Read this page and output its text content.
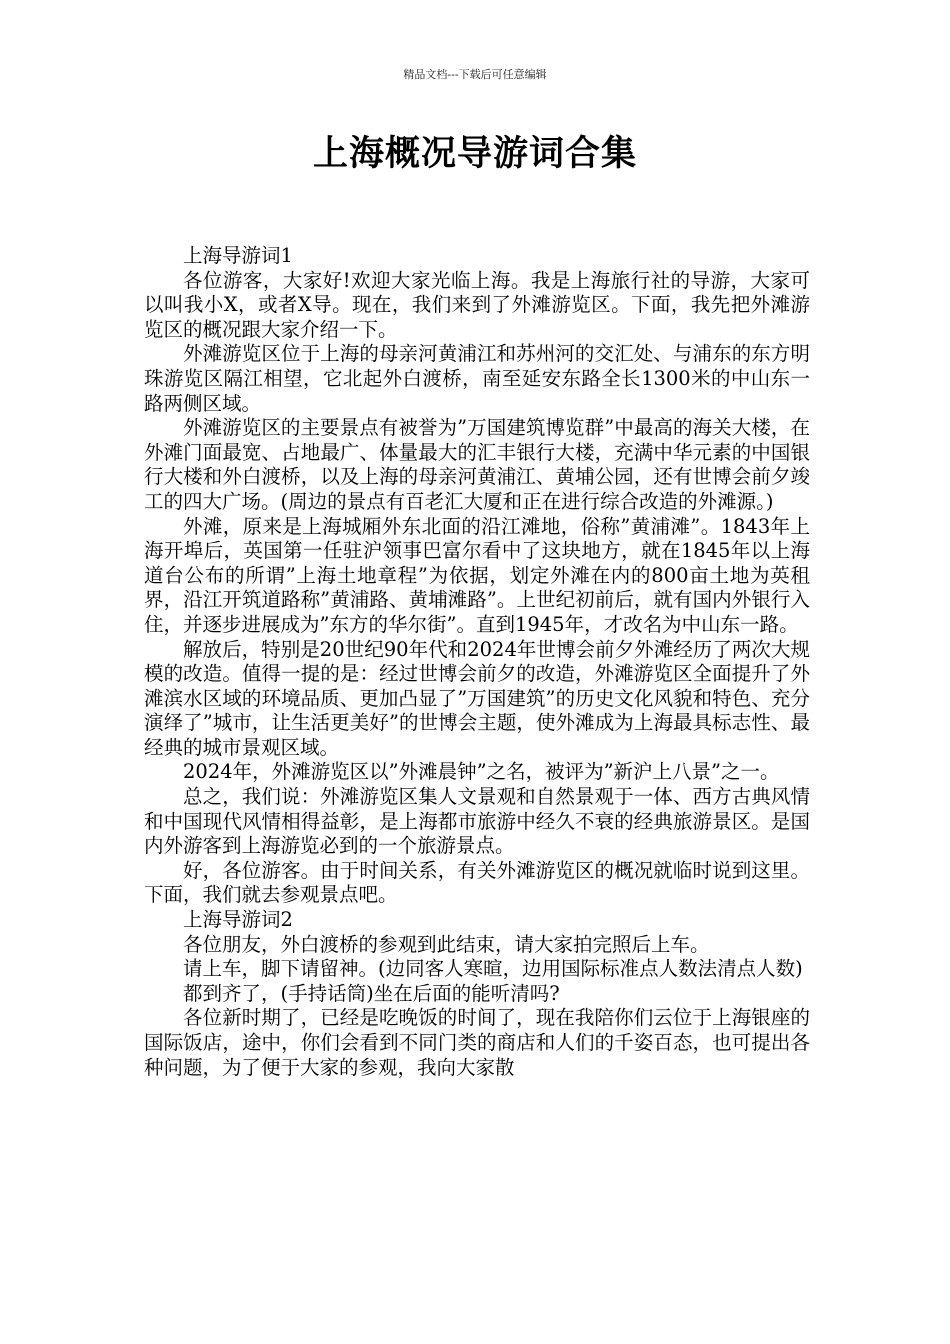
精品文档---下载后可任意编辑
上海概况导游词合集

上海导游词1

各位游客，大家好!欢迎大家光临上海。我是上海旅行社的导游，大家可以叫我小X，或者X导。现在，我们来到了外滩游览区。下面，我先把外滩游览区的概况跟大家介绍一下。

外滩游览区位于上海的母亲河黄浦江和苏州河的交汇处、与浦东的东方明珠游览区隔江相望，它北起外白渡桥，南至延安东路全长1300米的中山东一路两侧区域。

外滩游览区的主要景点有被誉为”万国建筑博览群”中最高的海关大楼，在外滩门面最宽、占地最广、体量最大的汇丰银行大楼，充满中华元素的中国银行大楼和外白渡桥，以及上海的母亲河黄浦江、黄埔公园，还有世博会前夕竣工的四大广场。(周边的景点有百老汇大厦和正在进行综合改造的外滩源。)

外滩，原来是上海城厢外东北面的沿江滩地，俗称”黄浦滩”。1843年上海开埠后，英国第一任驻沪领事巴富尔看中了这块地方，就在1845年以上海道台公布的所谓”上海土地章程”为依据，划定外滩在内的800亩土地为英租界，沿江开筑道路称”黄浦路、黄埔滩路”。上世纪初前后，就有国内外银行入住，并逐步进展成为”东方的华尔街”。直到1945年，才改名为中山东一路。

解放后，特别是20世纪90年代和2024年世博会前夕外滩经历了两次大规模的改造。值得一提的是：经过世博会前夕的改造，外滩游览区全面提升了外滩滨水区域的环境品质、更加凸显了”万国建筑”的历史文化风貌和特色、充分演绎了”城市，让生活更美好”的世博会主题，使外滩成为上海最具标志性、最经典的城市景观区域。

2024年，外滩游览区以”外滩晨钟”之名，被评为”新沪上八景”之一。

总之，我们说：外滩游览区集人文景观和自然景观于一体、西方古典风情和中国现代风情相得益彰，是上海都市旅游中经久不衰的经典旅游景区。是国内外游客到上海游览必到的一个旅游景点。

好，各位游客。由于时间关系，有关外滩游览区的概况就临时说到这里。下面，我们就去参观景点吧。

上海导游词2

各位朋友，外白渡桥的参观到此结束，请大家拍完照后上车。

请上车，脚下请留神。(边同客人寒暄，边用国际标准点人数法清点人数)

都到齐了，(手持话筒)坐在后面的能听清吗?

各位新时期了，已经是吃晚饭的时间了，现在我陪你们云位于上海银座的国际饭店，途中，你们会看到不同门类的商店和人们的千姿百态，也可提出各种问题，为了便于大家的参观，我向大家散
